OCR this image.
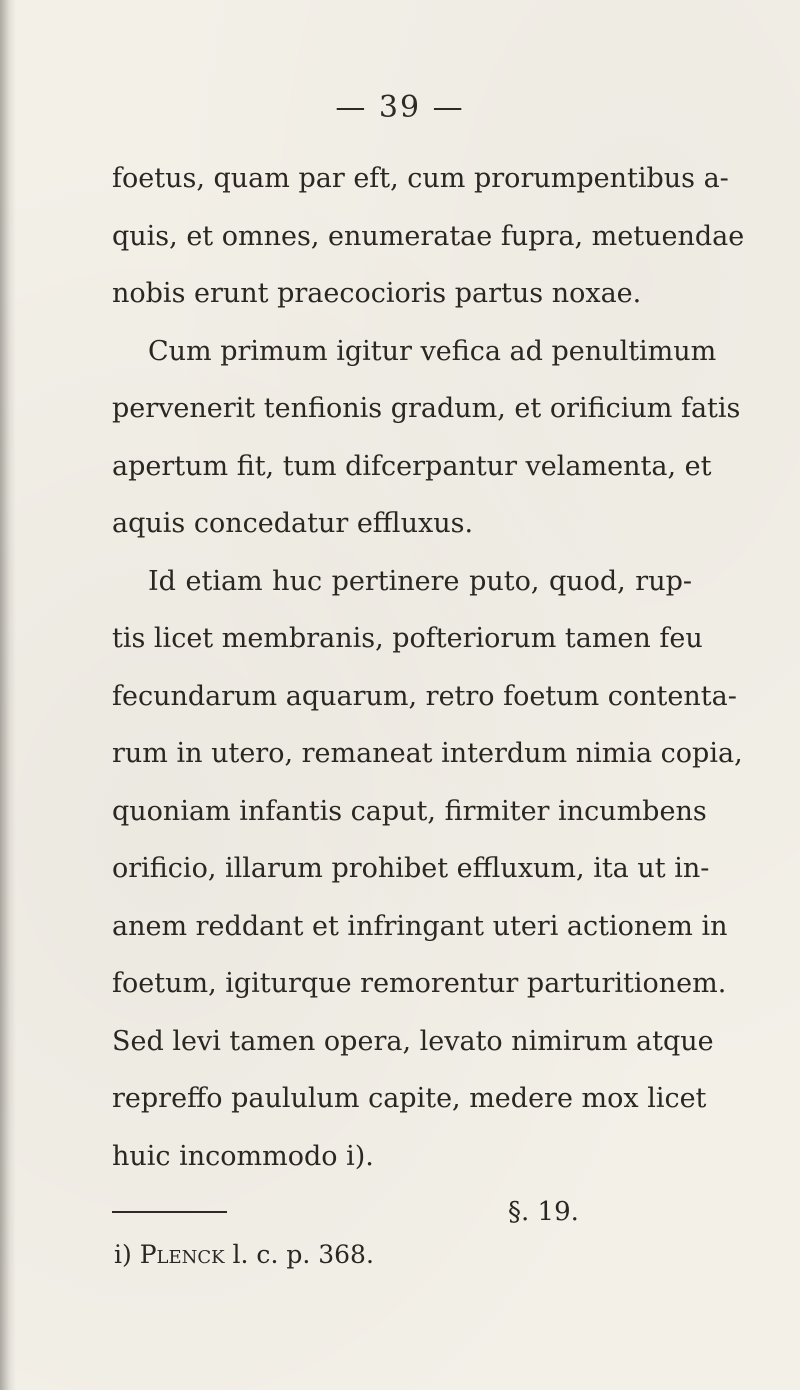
— 39 —
foetus, quam par eft, cum prorumpentibus a-
quis, et omnes, enumeratae fupra, metuendae
nobis erunt praecocioris partus noxae.
Cum primum igitur vefica ad penultimum
pervenerit tenfionis gradum, et orificium fatis
apertum fit, tum difcerpantur velamenta, et
aquis concedatur effluxus.
Id etiam huc pertinere puto, quod, rup-
tis licet membranis, pofteriorum tamen feu
fecundarum aquarum, retro foetum contenta-
rum in utero, remaneat interdum nimia copia,
quoniam infantis caput, firmiter incumbens
orificio, illarum prohibet effluxum, ita ut in-
anem reddant et infringant uteri actionem in
foetum, igiturque remorentur parturitionem.
Sed levi tamen opera, levato nimirum atque
repreffo paululum capite, medere mox licet
huic incommodo i).
§. 19.
i) Plenck l. c. p. 368.
